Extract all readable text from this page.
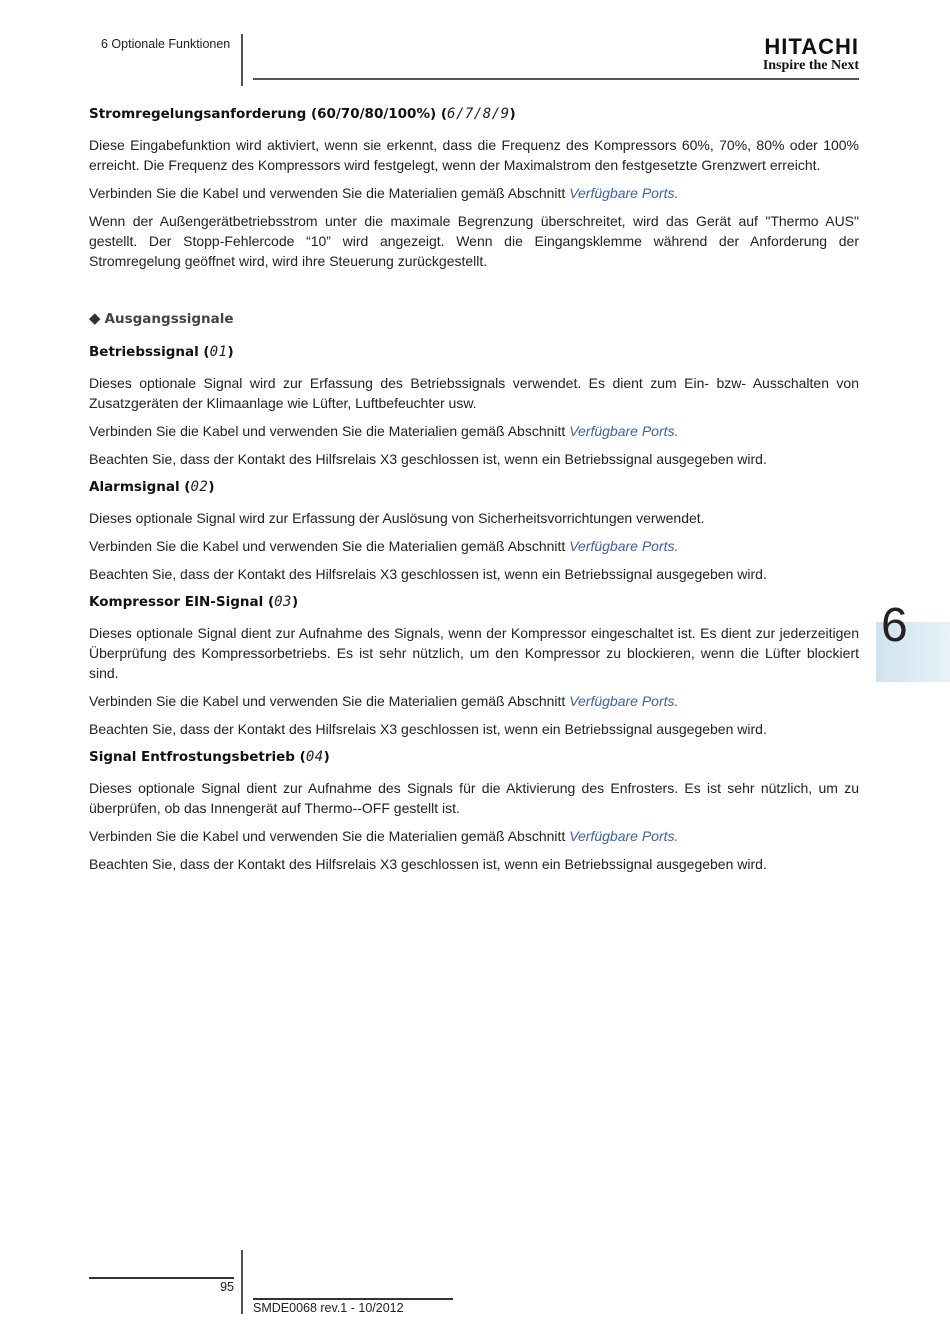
6 Optionale Funktionen	HITACHI
Inspire the Next
Stromregelungsanforderung (60/70/80/100%) (6/7/8/9)

Diese Eingabefunktion wird aktiviert, wenn sie erkennt, dass die Frequenz des Kompressors 60%, 70%, 80% oder 100% erreicht. Die Frequenz des Kompressors wird festgelegt, wenn der Maximalstrom den festgesetzte Grenzwert erreicht.

Verbinden Sie die Kabel und verwenden Sie die Materialien gemäß Abschnitt Verfügbare Ports.

Wenn der Außengerätbetriebsstrom unter die maximale Begrenzung überschreitet, wird das Gerät auf "Thermo AUS" gestellt. Der Stopp-Fehlercode “10” wird angezeigt. Wenn die Eingangsklemme während der Anforderung der Stromregelung geöffnet wird, wird ihre Steuerung zurückgestellt.

◆ Ausgangssignale
Betriebssignal (01)

Dieses optionale Signal wird zur Erfassung des Betriebssignals verwendet. Es dient zum Ein- bzw- Ausschalten von Zusatzgeräten der Klimaanlage wie Lüfter, Luftbefeuchter usw.

Verbinden Sie die Kabel und verwenden Sie die Materialien gemäß Abschnitt Verfügbare Ports.

Beachten Sie, dass der Kontakt des Hilfsrelais X3 geschlossen ist, wenn ein Betriebssignal ausgegeben wird.

Alarmsignal (02)

Dieses optionale Signal wird zur Erfassung der Auslösung von Sicherheitsvorrichtungen verwendet.

Verbinden Sie die Kabel und verwenden Sie die Materialien gemäß Abschnitt Verfügbare Ports.

Beachten Sie, dass der Kontakt des Hilfsrelais X3 geschlossen ist, wenn ein Betriebssignal ausgegeben wird.

Kompressor EIN-Signal (03)

Dieses optionale Signal dient zur Aufnahme des Signals, wenn der Kompressor eingeschaltet ist. Es dient zur jederzeitigen Überprüfung des Kompressorbetriebs. Es ist sehr nützlich, um den Kompressor zu blockieren, wenn die Lüfter blockiert sind.

Verbinden Sie die Kabel und verwenden Sie die Materialien gemäß Abschnitt Verfügbare Ports.

Beachten Sie, dass der Kontakt des Hilfsrelais X3 geschlossen ist, wenn ein Betriebssignal ausgegeben wird.

Signal Entfrostungsbetrieb (04)

Dieses optionale Signal dient zur Aufnahme des Signals für die Aktivierung des Enfrosters. Es ist sehr nützlich, um zu überprüfen, ob das Innengerät auf Thermo--OFF gestellt ist.

Verbinden Sie die Kabel und verwenden Sie die Materialien gemäß Abschnitt Verfügbare Ports.

Beachten Sie, dass der Kontakt des Hilfsrelais X3 geschlossen ist, wenn ein Betriebssignal ausgegeben wird.

6
95
SMDE0068 rev.1 - 10/2012
